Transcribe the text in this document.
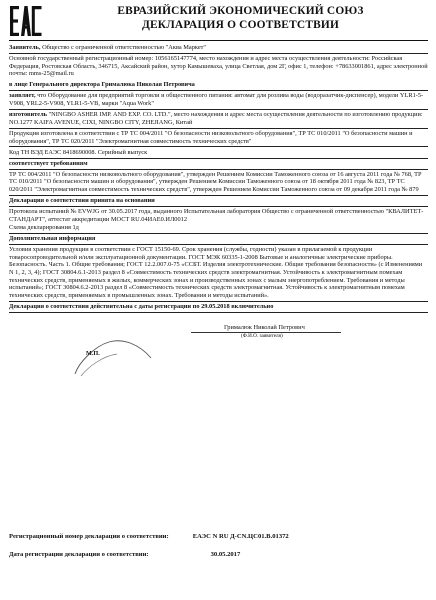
ЕВРАЗИЙСКИЙ ЭКОНОМИЧЕСКИЙ СОЮЗ
ДЕКЛАРАЦИЯ О СООТВЕТСТВИИ

Заявитель, Общество с ограниченной ответственностью "Аква Маркет"

Основной государственный регистрационный номер: 1056165147774, место нахождения и адрес места осуществления деятельности: Российская Федерация, Ростовская Область, 346715, Аксайский район, хутор Камышеваха, улица Светлая, дом 2Г, офис 1, телефон: +78633001861, адрес электронной почты: mms-25@mail.ru

в лице Генерального директора Грималюка Николая Петровича

заявляет, что Оборудование для предприятий торговли и общественного питания: автомат для розлива воды (водоразатчик-диспенсер), модели YLR1-5-V908, YRL2-5-V908, YLR1-5-VB, марки "Aqua Work"

изготовитель "NINGBO ASHER IMP. AND EXP. CO. LTD.", место нахождения и адрес места осуществления деятельности по изготовлению продукции: NO.1277 KAIFA AVENUE, CIXI, NINGBO CITY, ZHEJIANG, Китай

Продукция изготовлена в соответствии с ТР ТС 004/2011 "О безопасности низковольтного оборудования", ТР ТС 010/2011 "О безопасности машин и оборудования", ТР ТС 020/2011 "Электромагнитная совместимость технических средств"

Код ТН ВЭД ЕАЭС 8418690008. Серийный выпуск

соответствует требованиям

ТР ТС 004/2011 "О безопасности низковольтного оборудования", утвержден Решением Комиссии Таможенного союза от 16 августа 2011 года № 768, ТР ТС 010/2011 "О безопасности машин и оборудования", утвержден Решением Комиссии Таможенного союза от 18 октября 2011 года № 823, ТР ТС 020/2011 "Электромагнитная совместимость технических средств", утвержден Решением Комиссии Таможенного союза от 09 декабря 2011 года № 879

Декларация о соответствии принята на основании

Протокола испытаний № EVWJG от 30.05.2017 года, выданного Испытательная лаборатория Общество с ограниченной ответственностью "КВАЛИТЕТ-СТАНДАРТ", аттестат аккредитации МОСТ RU.04ИАЕ0.ИЛ0012

Схема декларирования 1д

Дополнительная информация

Условия хранения продукции в соответствии с ГОСТ 15150-69. Срок хранения (службы, годности) указан в прилагаемой к продукции товаросопроводительной и/или эксплуатационной документации. ГОСТ МЭК 60335-1-2008 Бытовые и аналогичные электрические приборы. Безопасность. Часть 1. Общие требования; ГОСТ 12.2.007.0-75 «ССБТ. Изделия электротехнические. Общие требования безопасности» (с Изменениями N 1, 2, 3, 4); ГОСТ 30804.6.1-2013 раздел 8 «Совместимость технических средств электромагнитная. Устойчивость к электромагнитным помехам технических средств, применяемых в жилых, коммерческих зонах и производственных зонах с малым энергопотреблением. Требования и методы испытаний»; ГОСТ 30804.6.2-2013 раздел 8 «Совместимость технических средств электромагнитная. Устойчивость к электромагнитным помехам технических средств, применяемых в промышленных зонах. Требования и методы испытаний».

Декларация о соответствии действительна с даты регистрации по 29.05.2018 включительно

Грималюк Николай Петрович
(Ф.И.О. заявителя)
М.П.
Регистрационный номер декларации о соответствии:	ЕАЭС N RU Д-CN.ЦС01.В.01372
Дата регистрации декларации о соответствии:	30.05.2017
